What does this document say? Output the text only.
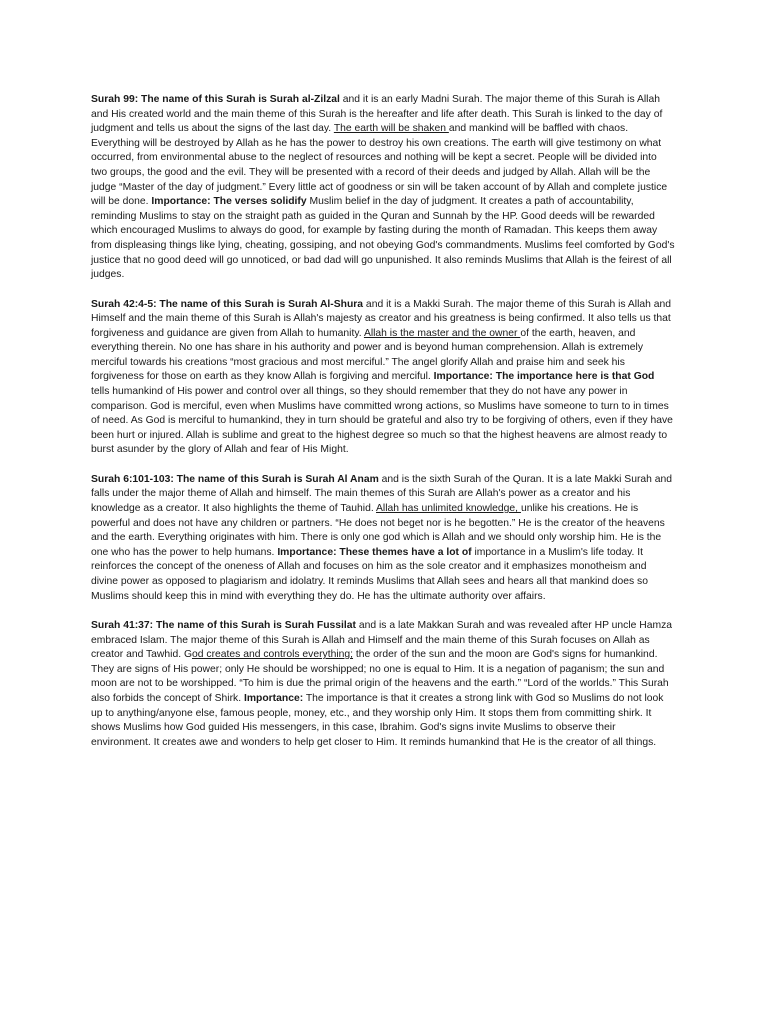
Surah 99: The name of this Surah is Surah al-Zilzal and it is an early Madni Surah. The major theme of this Surah is Allah and His created world and the main theme of this Surah is the hereafter and life after death. This Surah is linked to the day of judgment and tells us about the signs of the last day. The earth will be shaken and mankind will be baffled with chaos. Everything will be destroyed by Allah as he has the power to destroy his own creations. The earth will give testimony on what occurred, from environmental abuse to the neglect of resources and nothing will be kept a secret. People will be divided into two groups, the good and the evil. They will be presented with a record of their deeds and judged by Allah. Allah will be the judge “Master of the day of judgment.” Every little act of goodness or sin will be taken account of by Allah and complete justice will be done. Importance: The verses solidify Muslim belief in the day of judgment. It creates a path of accountability, reminding Muslims to stay on the straight path as guided in the Quran and Sunnah by the HP. Good deeds will be rewarded which encouraged Muslims to always do good, for example by fasting during the month of Ramadan. This keeps them away from displeasing things like lying, cheating, gossiping, and not obeying God's commandments. Muslims feel comforted by God's justice that no good deed will go unnoticed, or bad dad will go unpunished. It also reminds Muslims that Allah is the feirest of all judges.

Surah 42:4-5: The name of this Surah is Surah Al-Shura and it is a Makki Surah. The major theme of this Surah is Allah and Himself and the main theme of this Surah is Allah's majesty as creator and his greatness is being confirmed. It also tells us that forgiveness and guidance are given from Allah to humanity. Allah is the master and the owner of the earth, heaven, and everything therein. No one has share in his authority and power and is beyond human comprehension. Allah is extremely merciful towards his creations “most gracious and most merciful.” The angel glorify Allah and praise him and seek his forgiveness for those on earth as they know Allah is forgiving and merciful. Importance: The importance here is that God tells humankind of His power and control over all things, so they should remember that they do not have any power in comparison. God is merciful, even when Muslims have committed wrong actions, so Muslims have someone to turn to in times of need. As God is merciful to humankind, they in turn should be grateful and also try to be forgiving of others, even if they have been hurt or injured. Allah is sublime and great to the highest degree so much so that the highest heavens are almost ready to burst asunder by the glory of Allah and fear of His Might.

Surah 6:101-103: The name of this Surah is Surah Al Anam and is the sixth Surah of the Quran. It is a late Makki Surah and falls under the major theme of Allah and himself. The main themes of this Surah are Allah's power as a creator and his knowledge as a creator. It also highlights the theme of Tauhid. Allah has unlimited knowledge, unlike his creations. He is powerful and does not have any children or partners. “He does not beget nor is he begotten.” He is the creator of the heavens and the earth. Everything originates with him. There is only one god which is Allah and we should only worship him. He is the one who has the power to help humans. Importance: These themes have a lot of importance in a Muslim's life today. It reinforces the concept of the oneness of Allah and focuses on him as the sole creator and it emphasizes monotheism and divine power as opposed to plagiarism and idolatry. It reminds Muslims that Allah sees and hears all that mankind does so Muslims should keep this in mind with everything they do. He has the ultimate authority over affairs.

Surah 41:37: The name of this Surah is Surah Fussilat and is a late Makkan Surah and was revealed after HP uncle Hamza embraced Islam. The major theme of this Surah is Allah and Himself and the main theme of this Surah focuses on Allah as creator and Tawhid. God creates and controls everything; the order of the sun and the moon are God's signs for humankind. They are signs of His power; only He should be worshipped; no one is equal to Him. It is a negation of paganism; the sun and moon are not to be worshipped. “To him is due the primal origin of the heavens and the earth.” “Lord of the worlds.” This Surah also forbids the concept of Shirk. Importance: The importance is that it creates a strong link with God so Muslims do not look up to anything/anyone else, famous people, money, etc., and they worship only Him. It stops them from committing shirk. It shows Muslims how God guided His messengers, in this case, Ibrahim. God's signs invite Muslims to observe their environment. It creates awe and wonders to help get closer to Him. It reminds humankind that He is the creator of all things.
